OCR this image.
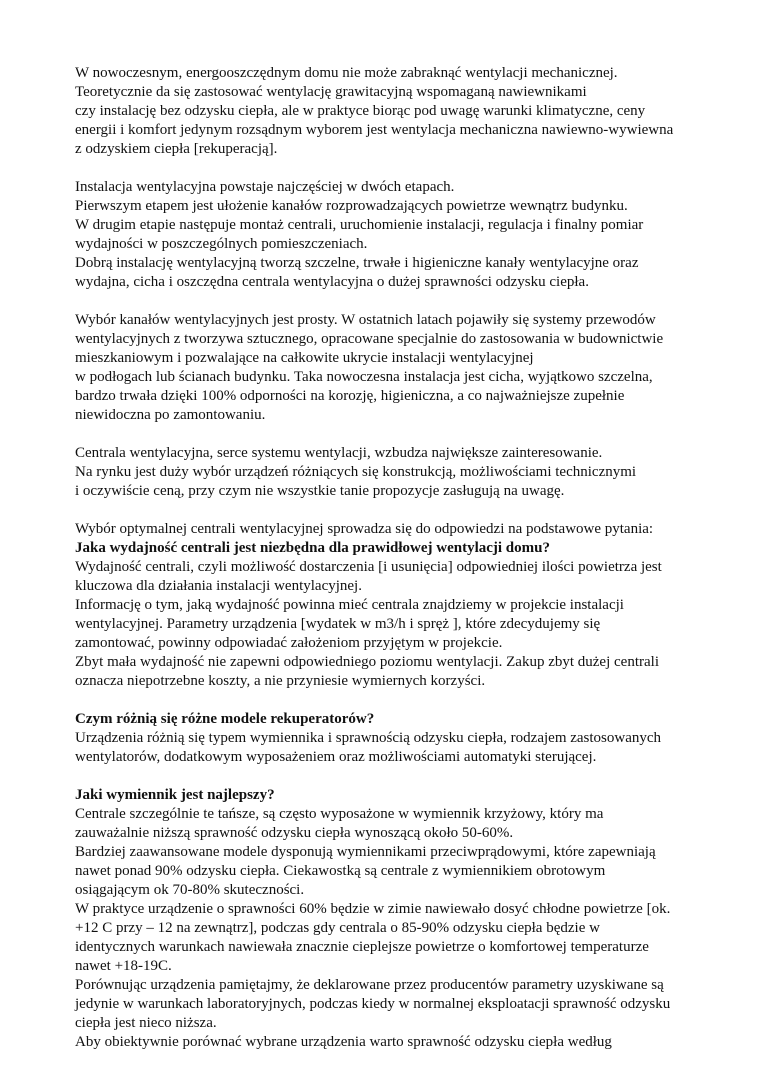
W nowoczesnym, energooszczędnym domu nie może zabraknąć wentylacji mechanicznej.
Teoretycznie da się zastosować wentylację grawitacyjną wspomaganą nawiewnikami
czy instalację bez odzysku ciepła, ale w praktyce biorąc pod uwagę warunki klimatyczne, ceny
energii i komfort jedynym rozsądnym wyborem jest wentylacja mechaniczna nawiewno-wywiewna
z odzyskiem ciepła [rekuperacją].
Instalacja wentylacyjna powstaje najczęściej w dwóch etapach.
Pierwszym etapem jest ułożenie kanałów rozprowadzających powietrze wewnątrz budynku.
W drugim etapie następuje montaż centrali, uruchomienie instalacji, regulacja i finalny pomiar
wydajności w poszczególnych pomieszczeniach.
Dobrą instalację wentylacyjną tworzą szczelne, trwałe i higieniczne kanały wentylacyjne oraz
wydajna, cicha i oszczędna centrala wentylacyjna o dużej sprawności odzysku ciepła.
Wybór kanałów wentylacyjnych jest prosty. W ostatnich latach pojawiły się systemy przewodów
wentylacyjnych z tworzywa sztucznego, opracowane specjalnie do zastosowania w budownictwie
mieszkaniowym i pozwalające na całkowite ukrycie instalacji wentylacyjnej
w podłogach lub ścianach budynku. Taka nowoczesna instalacja jest cicha, wyjątkowo szczelna,
bardzo trwała dzięki 100% odporności na korozję, higieniczna, a co najważniejsze zupełnie
niewidoczna po zamontowaniu.
Centrala wentylacyjna, serce systemu wentylacji, wzbudza największe zainteresowanie.
Na rynku jest duży wybór urządzeń różniących się konstrukcją, możliwościami technicznymi
i oczywiście ceną, przy czym nie wszystkie tanie propozycje zasługują na uwagę.
Wybór optymalnej centrali wentylacyjnej sprowadza się do odpowiedzi na podstawowe pytania:
Jaka wydajność centrali jest niezbędna dla prawidłowej wentylacji domu?
Wydajność centrali, czyli możliwość dostarczenia [i usunięcia] odpowiedniej ilości powietrza jest
kluczowa dla działania instalacji wentylacyjnej.
Informację o tym, jaką wydajność powinna mieć centrala znajdziemy w projekcie instalacji
wentylacyjnej. Parametry urządzenia [wydatek w m3/h i spręż ], które zdecydujemy się
zamontować, powinny odpowiadać założeniom przyjętym w projekcie.
Zbyt mała wydajność nie zapewni odpowiedniego poziomu wentylacji. Zakup zbyt dużej centrali
oznacza niepotrzebne koszty, a nie przyniesie wymiernych korzyści.
Czym różnią się różne modele rekuperatorów?
Urządzenia różnią się typem wymiennika i sprawnością odzysku ciepła, rodzajem zastosowanych
wentylatorów, dodatkowym wyposażeniem oraz możliwościami automatyki sterującej.
Jaki wymiennik jest najlepszy?
Centrale szczególnie te tańsze, są często wyposażone w wymiennik krzyżowy, który ma
zauważalnie niższą sprawność odzysku ciepła wynoszącą około 50-60%.
Bardziej zaawansowane modele dysponują wymiennikami przeciwprądowymi, które zapewniają
nawet ponad 90% odzysku ciepła. Ciekawostką są centrale z wymiennikiem obrotowym
osiągającym ok 70-80% skuteczności.
W praktyce urządzenie o sprawności 60% będzie w zimie nawiewało dosyć chłodne powietrze [ok.
+12 C przy – 12 na zewnątrz], podczas gdy centrala o 85-90% odzysku ciepła będzie w
identycznych warunkach nawiewała znacznie cieplejsze powietrze o komfortowej temperaturze
nawet +18-19C.
Porównując urządzenia pamiętajmy, że deklarowane przez producentów parametry uzyskiwane są
jedynie w warunkach laboratoryjnych, podczas kiedy w normalnej eksploatacji sprawność odzysku
ciepła jest nieco niższa.
Aby obiektywnie porównać wybrane urządzenia warto sprawność odzysku ciepła według
